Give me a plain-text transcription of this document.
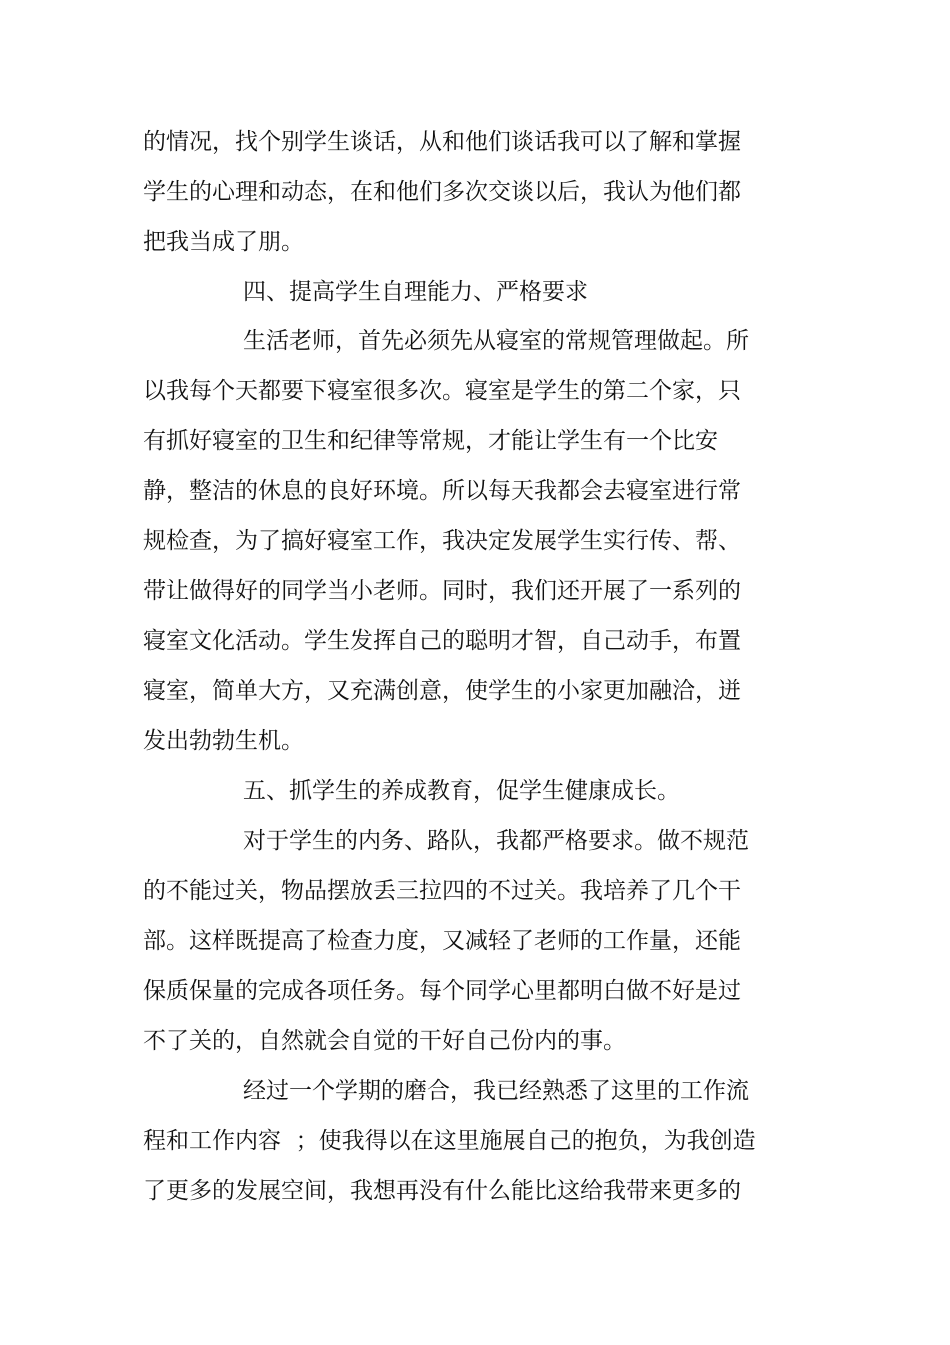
的情况，找个别学生谈话，从和他们谈话我可以了解和掌握

学生的心理和动态，在和他们多次交谈以后，我认为他们都

把我当成了朋。

四、提高学生自理能力、严格要求

生活老师，首先必须先从寝室的常规管理做起。所

以我每个天都要下寝室很多次。寝室是学生的第二个家，只

有抓好寝室的卫生和纪律等常规，才能让学生有一个比安

静，整洁的休息的良好环境。所以每天我都会去寝室进行常

规检查，为了搞好寝室工作，我决定发展学生实行传、帮、

带让做得好的同学当小老师。同时，我们还开展了一系列的

寝室文化活动。学生发挥自己的聪明才智，自己动手，布置

寝室，简单大方，又充满创意，使学生的小家更加融洽，迸

发出勃勃生机。

五、抓学生的养成教育，促学生健康成长。

对于学生的内务、路队，我都严格要求。做不规范

的不能过关，物品摆放丢三拉四的不过关。我培养了几个干

部。这样既提高了检查力度，又减轻了老师的工作量，还能

保质保量的完成各项任务。每个同学心里都明白做不好是过

不了关的，自然就会自觉的干好自己份内的事。

经过一个学期的磨合，我已经熟悉了这里的工作流

程和工作内容  ；使我得以在这里施展自己的抱负，为我创造

了更多的发展空间，我想再没有什么能比这给我带来更多的
